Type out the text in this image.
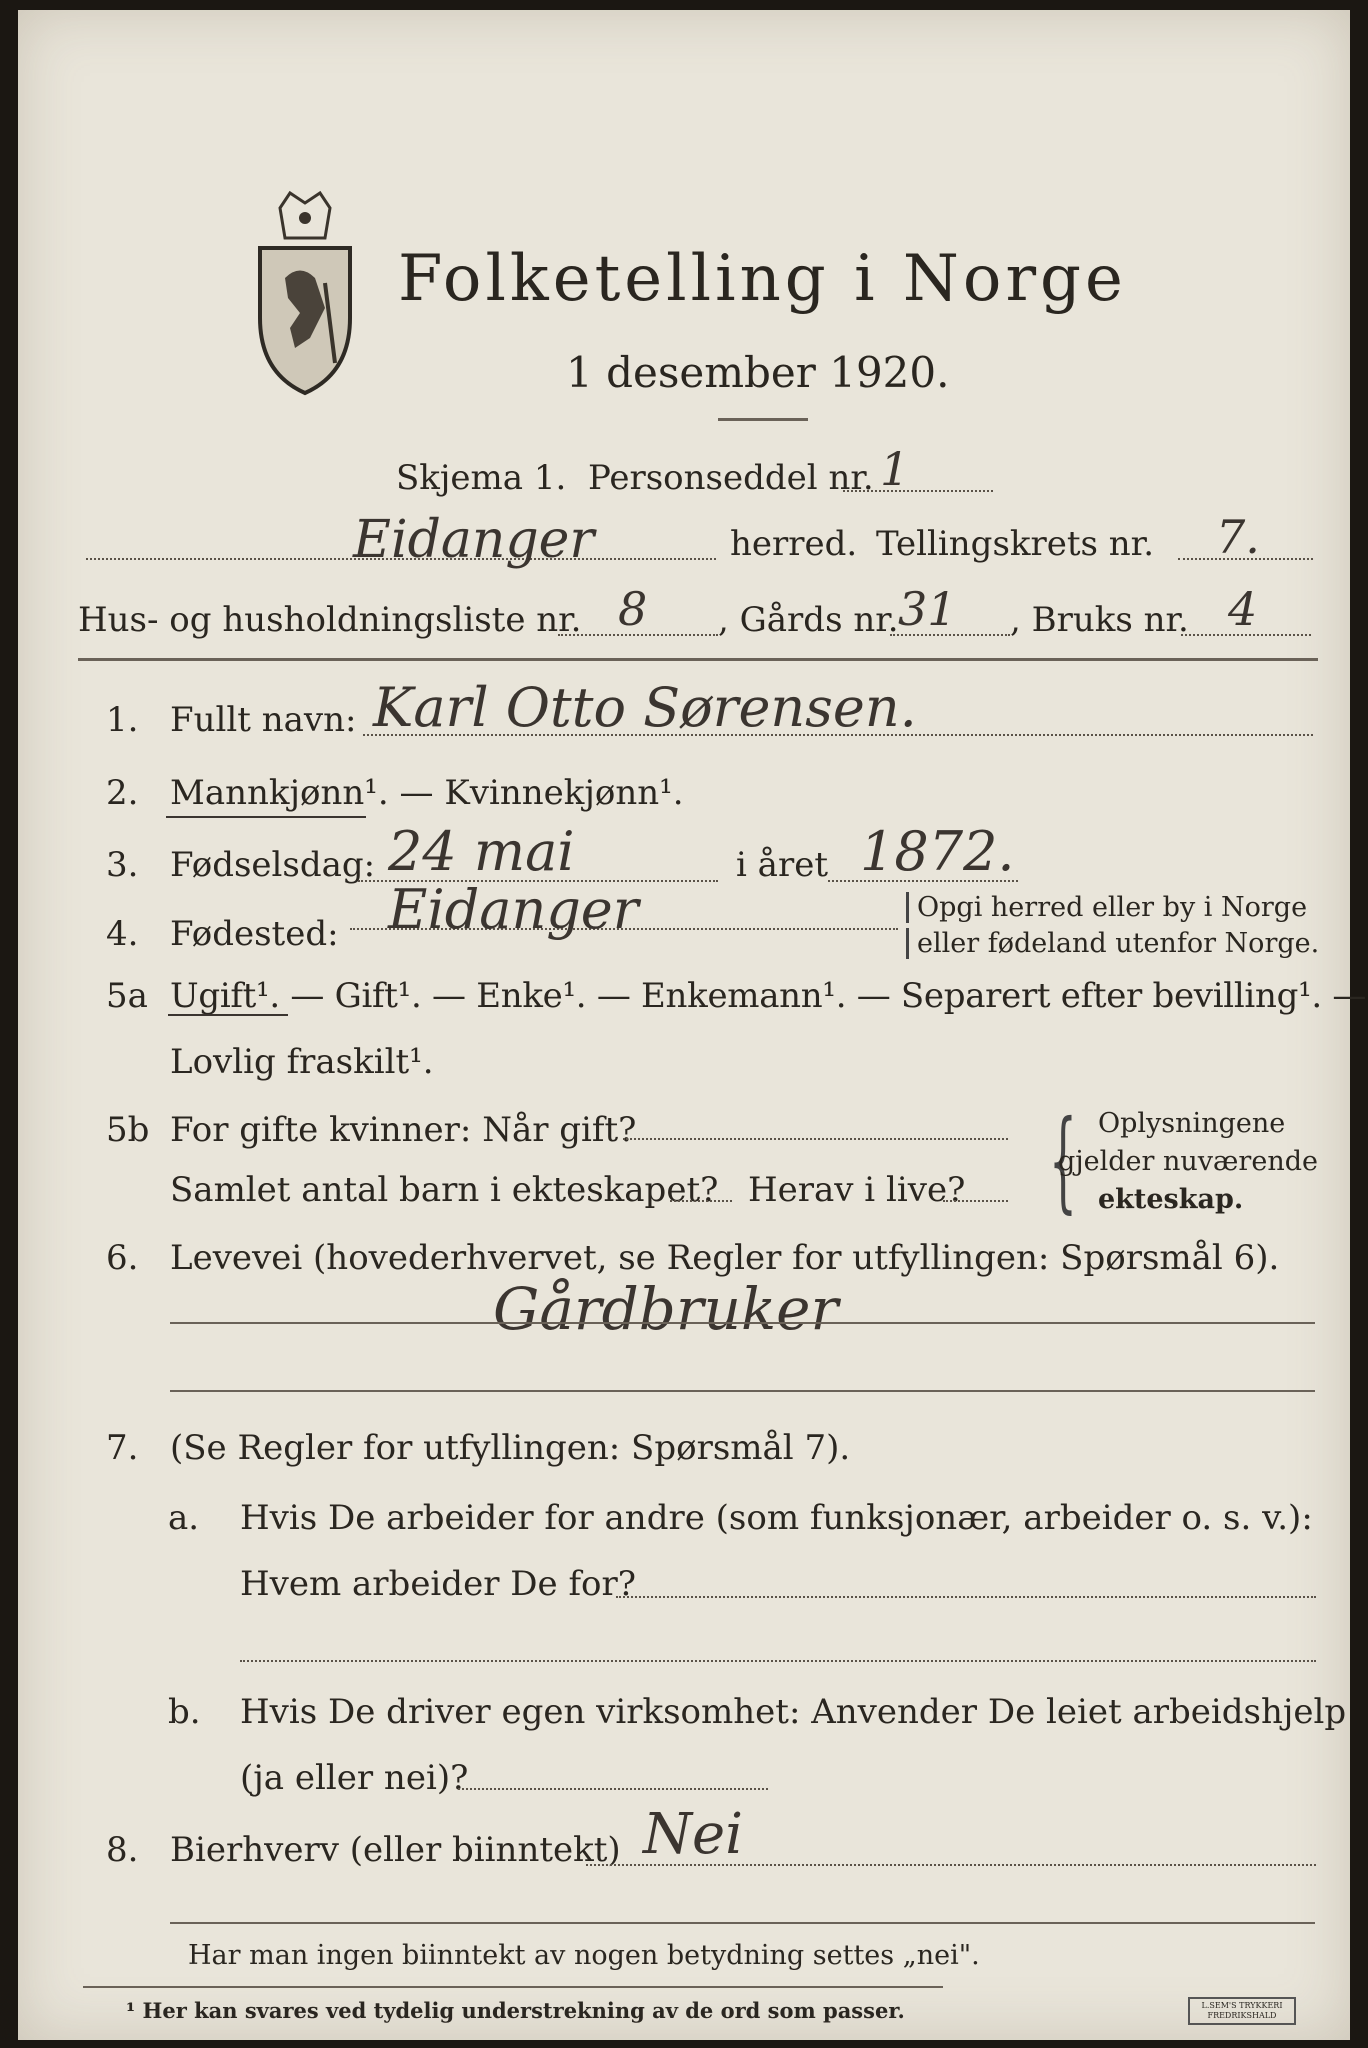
Folketelling i Norge
1 desember 1920.
Skjema 1. Personseddel nr. 1
Eidanger	herred. Tellingskrets nr. 7.
Hus- og husholdningsliste nr. 8 , Gårds nr. 31 , Bruks nr. 4
1. Fullt navn: Karl Otto Sørensen.
2. Mannkjønn¹. — Kvinnekjønn¹.
3. Fødselsdag: 24 mai	i året 1872.
4. Fødested: Eidanger	Opgi herred eller by i Norge
eller fødeland utenfor Norge.
5a Ugift¹. — Gift¹. — Enke¹. — Enkemann¹. — Separert efter bevilling¹. —
Lovlig fraskilt¹.
5b For gifte kvinner: Når gift?
Samlet antal barn i ekteskapet? Herav i live? { Oplysningene
gjelder nuværende
ekteskap.
6. Levevei (hovederhvervet, se Regler for utfyllingen: Spørsmål 6).
Gårdbruker
7. (Se Regler for utfyllingen: Spørsmål 7).
a. Hvis De arbeider for andre (som funksjonær, arbeider o. s. v.):
Hvem arbeider De for?
b. Hvis De driver egen virksomhet: Anvender De leiet arbeidshjelp
(ja eller nei)?
8. Bierhverv (eller biinntekt) Nei
Har man ingen biinntekt av nogen betydning settes „nei".
¹ Her kan svares ved tydelig understrekning av de ord som passer.	L.SEM'S TRYKKERI FREDRIKSHALD
